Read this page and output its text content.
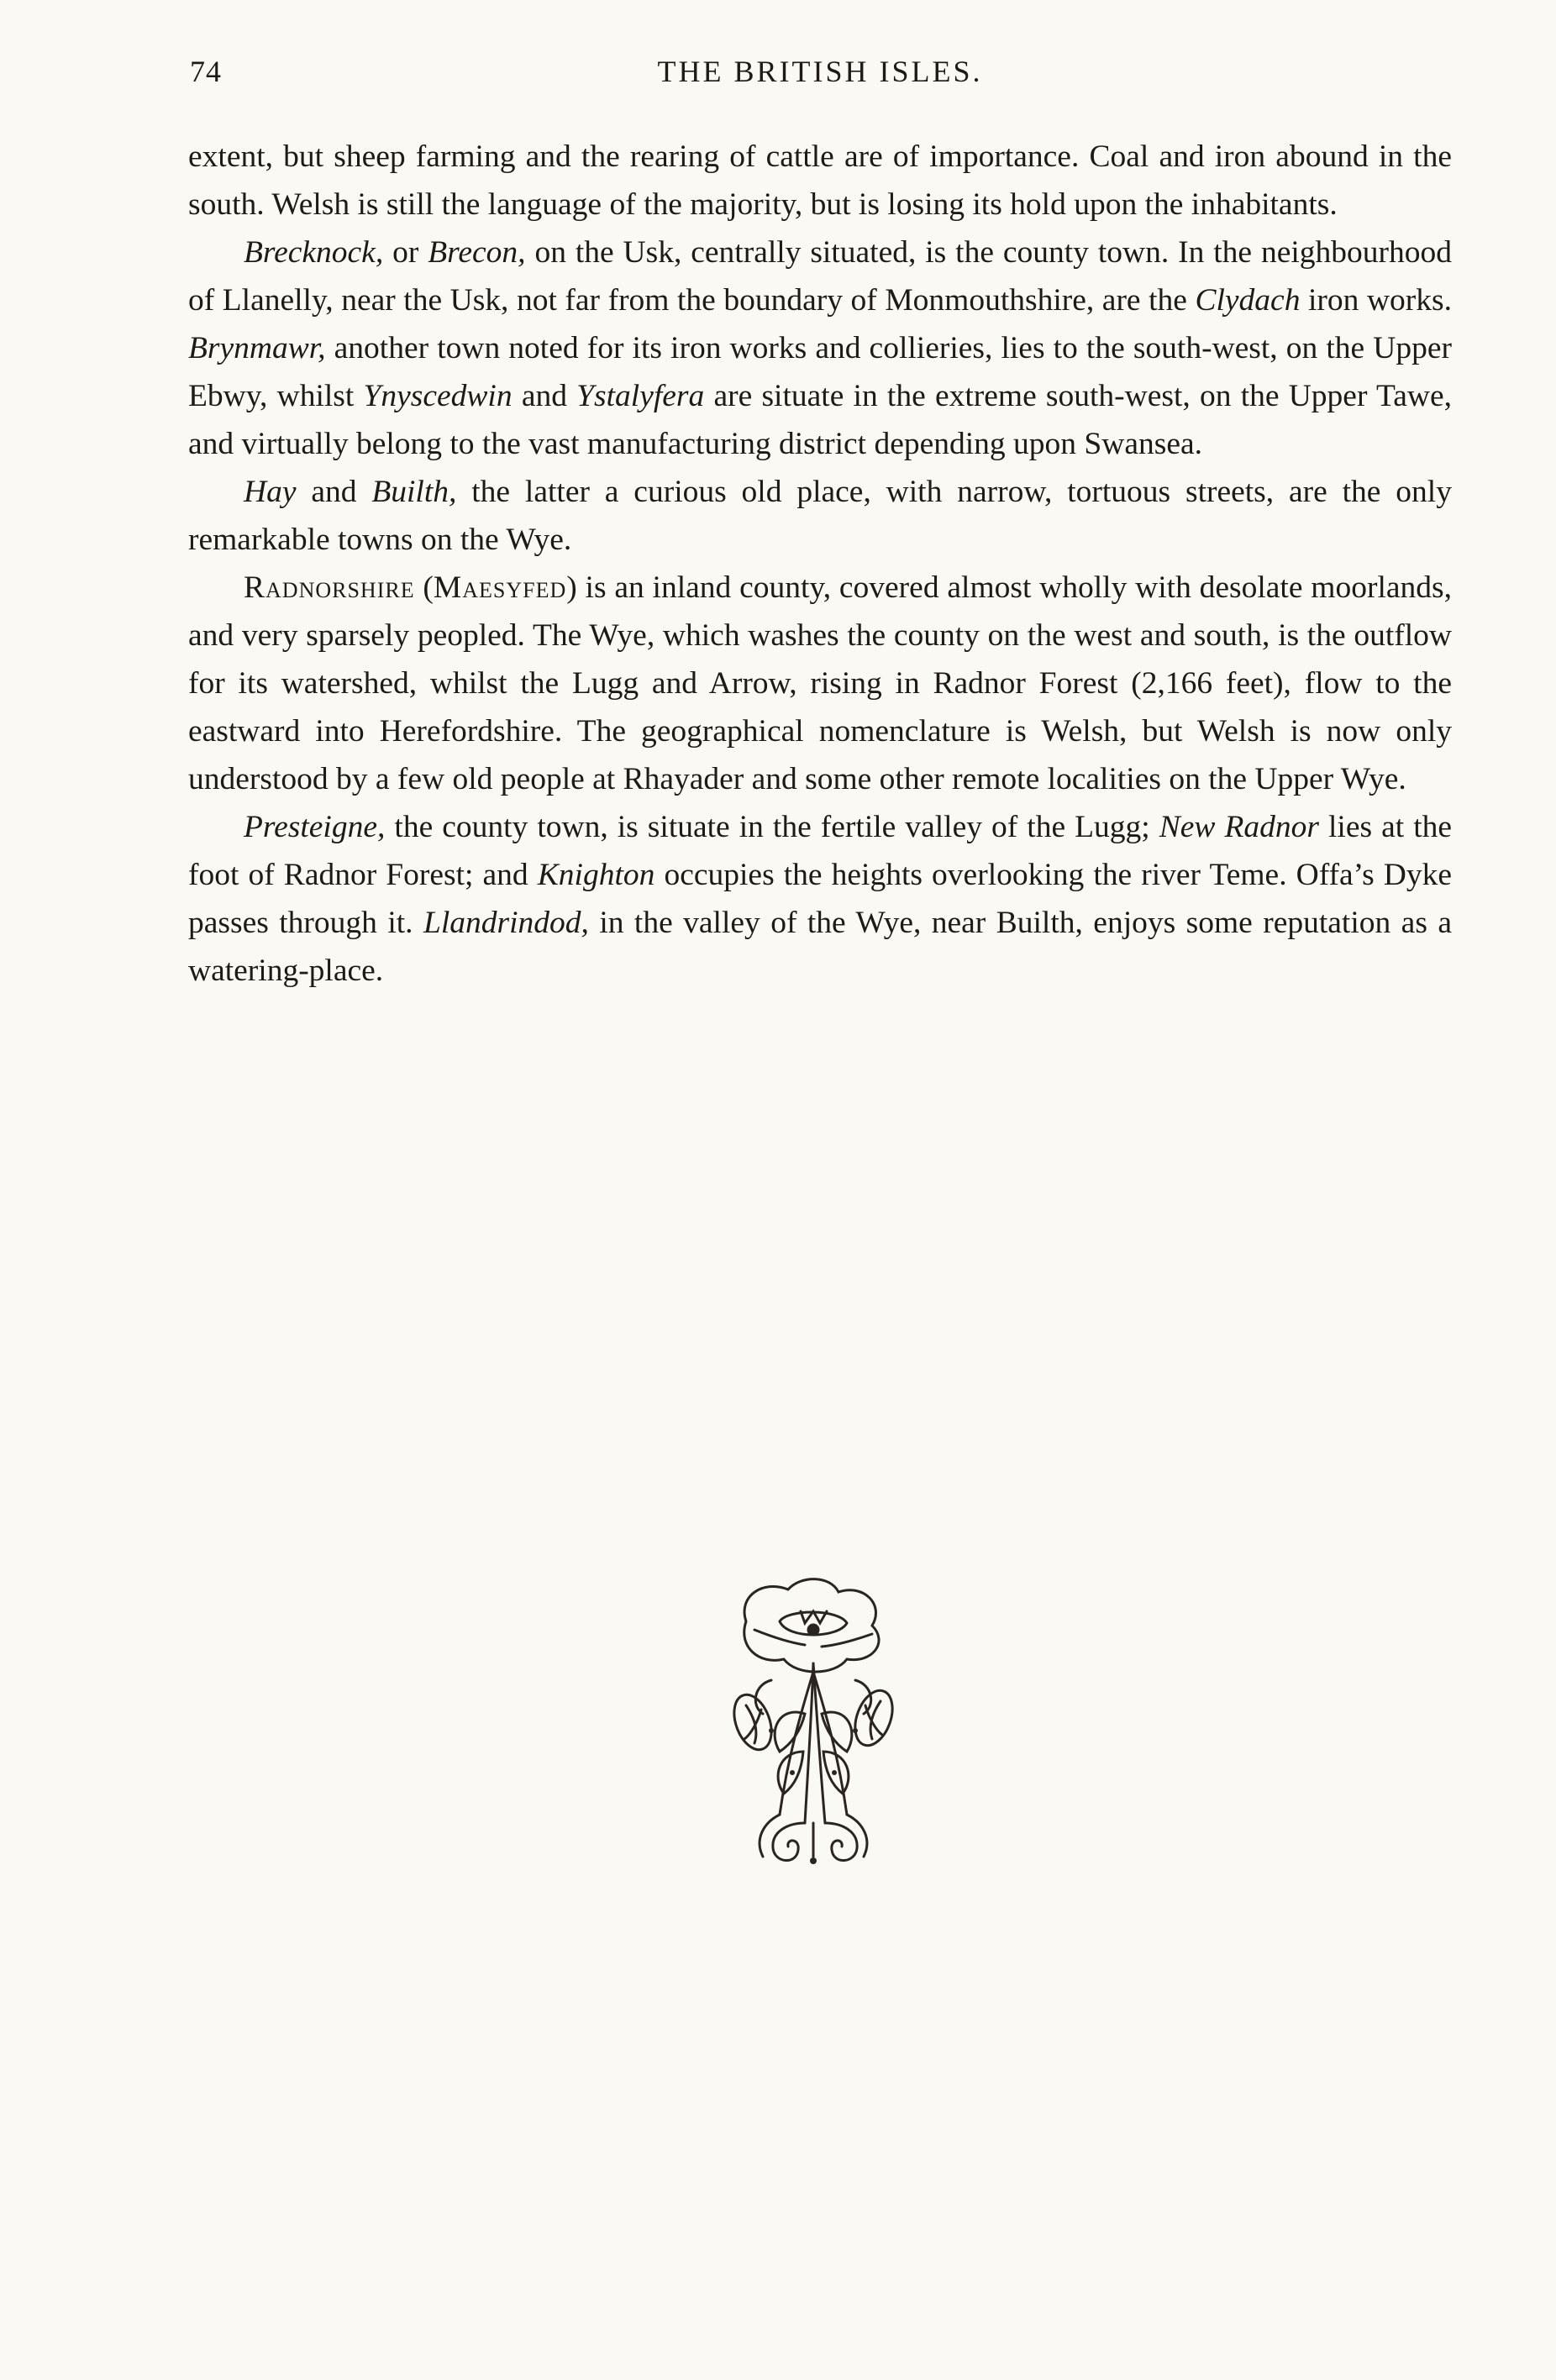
74	THE BRITISH ISLES.

extent, but sheep farming and the rearing of cattle are of importance. Coal and iron abound in the south. Welsh is still the language of the majority, but is losing its hold upon the inhabitants.

Brecknock, or Brecon, on the Usk, centrally situated, is the county town. In the neighbourhood of Llanelly, near the Usk, not far from the boundary of Monmouthshire, are the Clydach iron works. Brynmawr, another town noted for its iron works and collieries, lies to the south-west, on the Upper Ebwy, whilst Ynyscedwin and Ystalyfera are situate in the extreme south-west, on the Upper Tawe, and virtually belong to the vast manufacturing district depending upon Swansea.

Hay and Builth, the latter a curious old place, with narrow, tortuous streets, are the only remarkable towns on the Wye.

Radnorshire (Maesyfed) is an inland county, covered almost wholly with desolate moorlands, and very sparsely peopled. The Wye, which washes the county on the west and south, is the outflow for its watershed, whilst the Lugg and Arrow, rising in Radnor Forest (2,166 feet), flow to the eastward into Herefordshire. The geographical nomenclature is Welsh, but Welsh is now only understood by a few old people at Rhayader and some other remote localities on the Upper Wye.

Presteigne, the county town, is situate in the fertile valley of the Lugg; New Radnor lies at the foot of Radnor Forest; and Knighton occupies the heights overlooking the river Teme. Offa’s Dyke passes through it. Llandrindod, in the valley of the Wye, near Builth, enjoys some reputation as a watering-place.
